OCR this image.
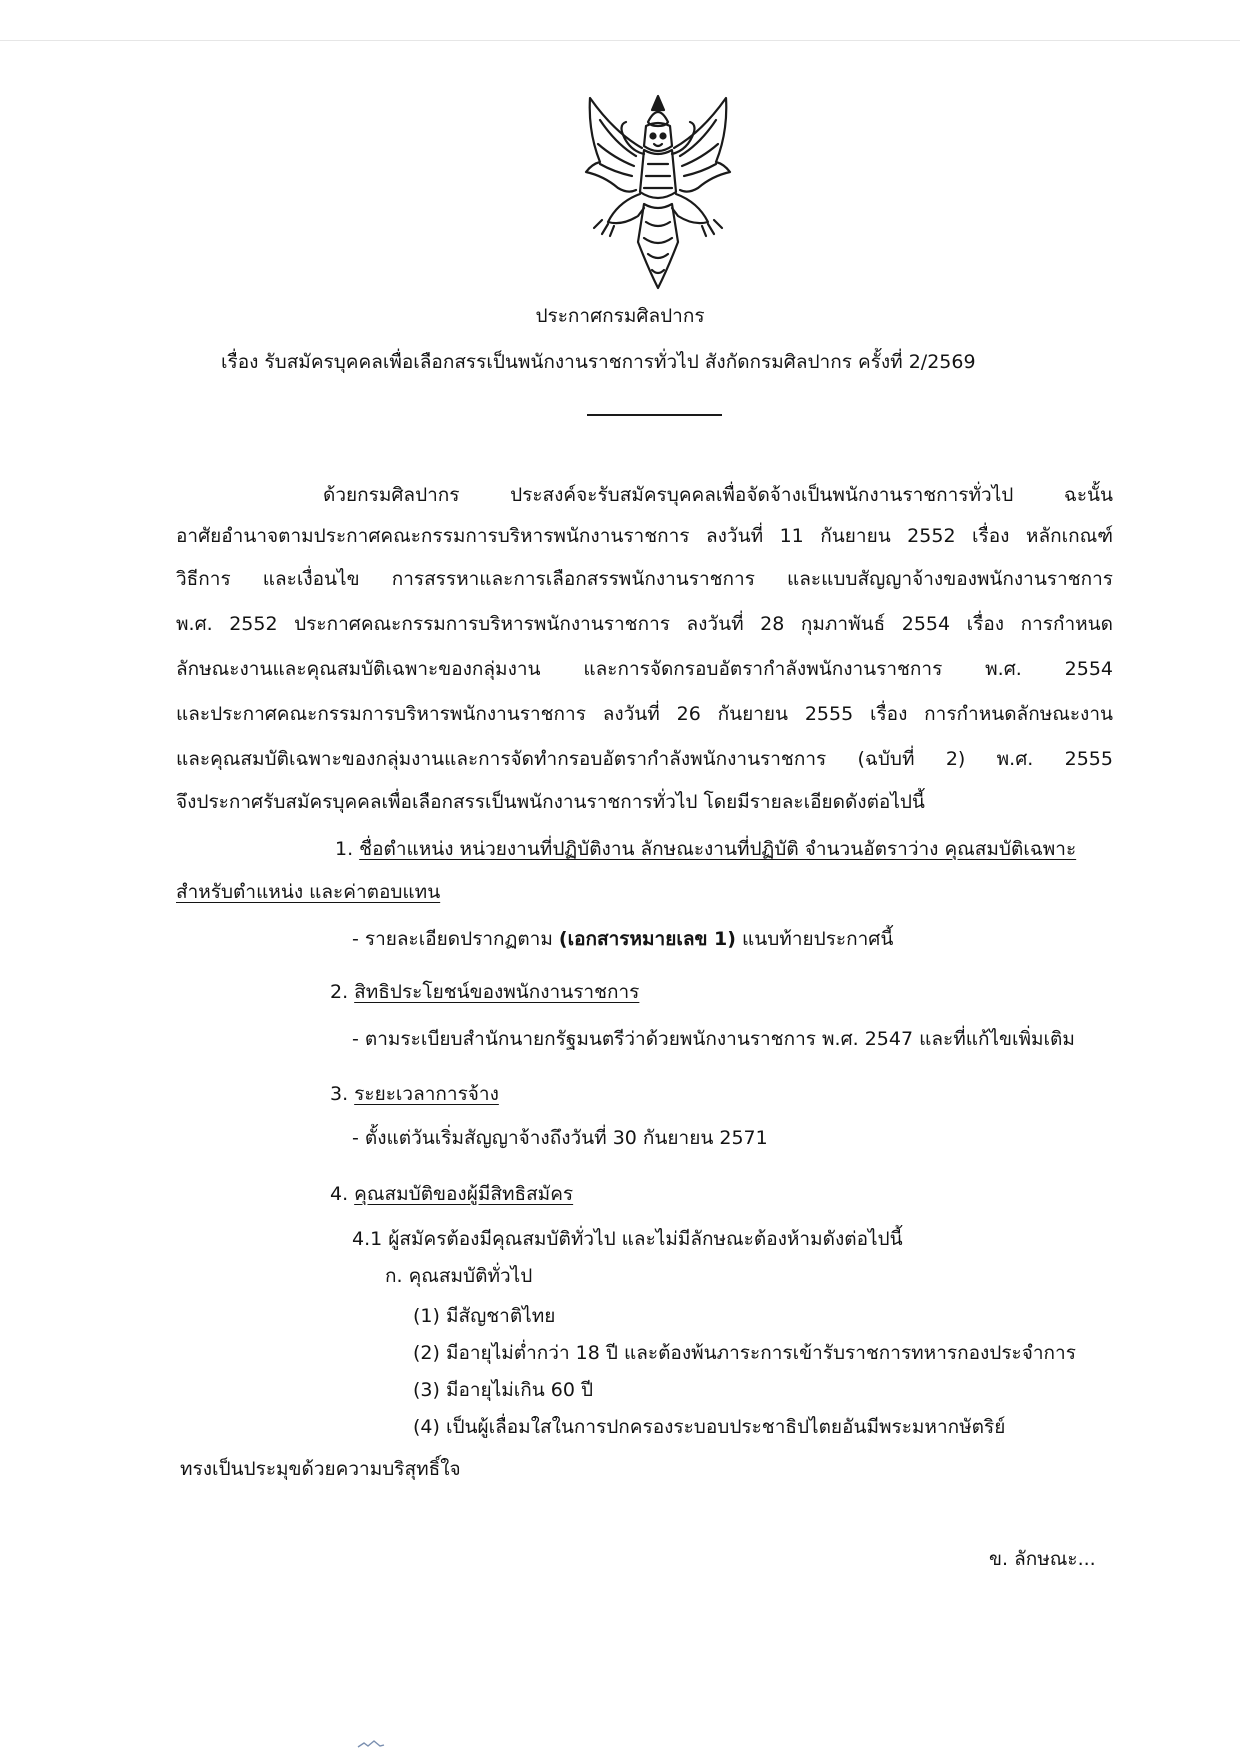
ประกาศกรมศิลปากร
เรื่อง รับสมัครบุคคลเพื่อเลือกสรรเป็นพนักงานราชการทั่วไป สังกัดกรมศิลปากร ครั้งที่ 2/2569
ด้วยกรมศิลปากร ประสงค์จะรับสมัครบุคคลเพื่อจัดจ้างเป็นพนักงานราชการทั่วไป ฉะนั้น
อาศัยอำนาจตามประกาศคณะกรรมการบริหารพนักงานราชการ ลงวันที่ 11 กันยายน 2552 เรื่อง หลักเกณฑ์
วิธีการ และเงื่อนไข การสรรหาและการเลือกสรรพนักงานราชการ และแบบสัญญาจ้างของพนักงานราชการ
พ.ศ. 2552 ประกาศคณะกรรมการบริหารพนักงานราชการ ลงวันที่ 28 กุมภาพันธ์ 2554 เรื่อง การกำหนด
ลักษณะงานและคุณสมบัติเฉพาะของกลุ่มงาน และการจัดกรอบอัตรากำลังพนักงานราชการ พ.ศ. 2554
และประกาศคณะกรรมการบริหารพนักงานราชการ ลงวันที่ 26 กันยายน 2555 เรื่อง การกำหนดลักษณะงาน
และคุณสมบัติเฉพาะของกลุ่มงานและการจัดทำกรอบอัตรากำลังพนักงานราชการ (ฉบับที่ 2) พ.ศ. 2555
จึงประกาศรับสมัครบุคคลเพื่อเลือกสรรเป็นพนักงานราชการทั่วไป โดยมีรายละเอียดดังต่อไปนี้
1. ชื่อตำแหน่ง หน่วยงานที่ปฏิบัติงาน ลักษณะงานที่ปฏิบัติ จำนวนอัตราว่าง คุณสมบัติเฉพาะ
สำหรับตำแหน่ง และค่าตอบแทน
- รายละเอียดปรากฏตาม (เอกสารหมายเลข 1) แนบท้ายประกาศนี้
2. สิทธิประโยชน์ของพนักงานราชการ
- ตามระเบียบสำนักนายกรัฐมนตรีว่าด้วยพนักงานราชการ พ.ศ. 2547 และที่แก้ไขเพิ่มเติม
3. ระยะเวลาการจ้าง
- ตั้งแต่วันเริ่มสัญญาจ้างถึงวันที่ 30 กันยายน 2571
4. คุณสมบัติของผู้มีสิทธิสมัคร
4.1 ผู้สมัครต้องมีคุณสมบัติทั่วไป และไม่มีลักษณะต้องห้ามดังต่อไปนี้
ก. คุณสมบัติทั่วไป
(1) มีสัญชาติไทย
(2) มีอายุไม่ต่ำกว่า 18 ปี และต้องพ้นภาระการเข้ารับราชการทหารกองประจำการ
(3) มีอายุไม่เกิน 60 ปี
(4) เป็นผู้เลื่อมใสในการปกครองระบอบประชาธิปไตยอันมีพระมหากษัตริย์
ทรงเป็นประมุขด้วยความบริสุทธิ์ใจ
ข. ลักษณะ...
